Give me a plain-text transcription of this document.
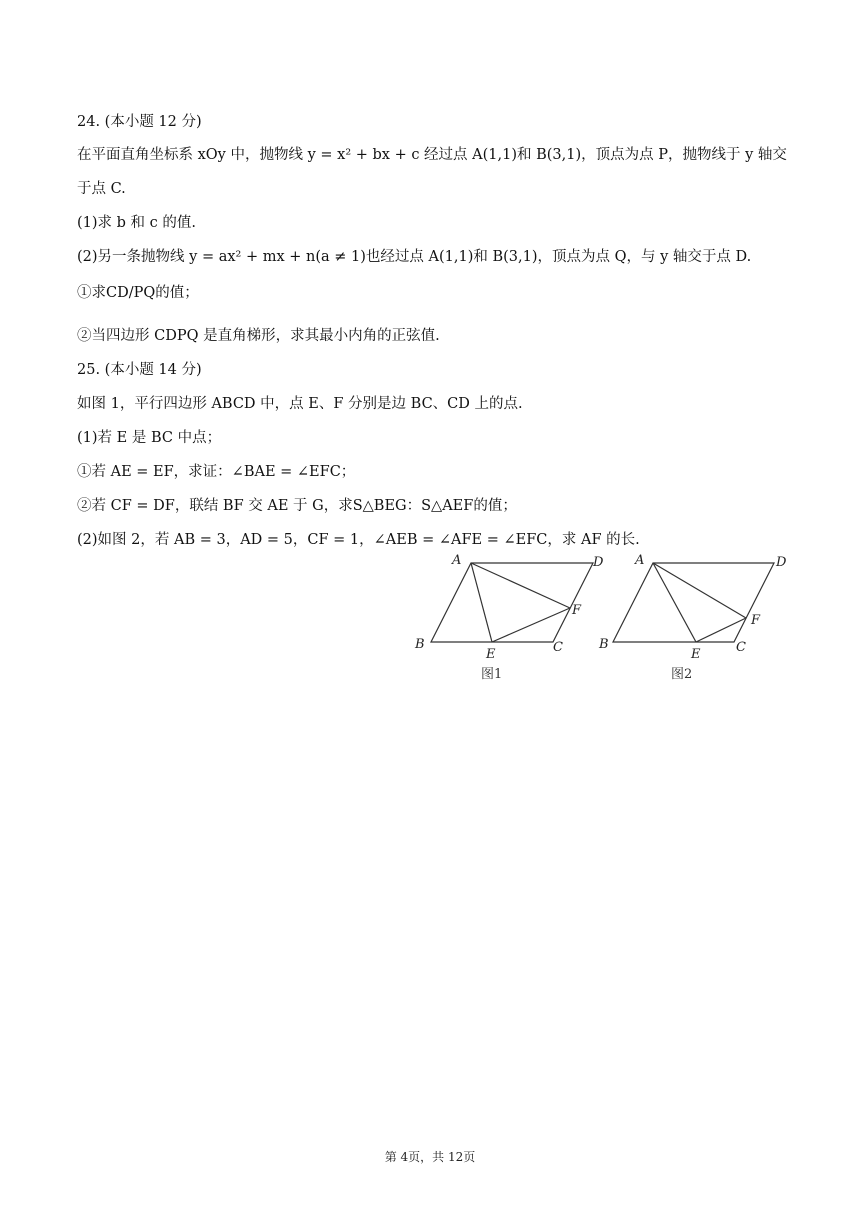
24. (本小题 12 分)
在平面直角坐标系 xOy 中，抛物线 y = x² + bx + c 经过点 A(1,1)和 B(3,1)，顶点为点 P，抛物线于 y 轴交
于点 C.
(1)求 b 和 c 的值.
(2)另一条抛物线 y = ax² + mx + n(a ≠ 1)也经过点 A(1,1)和 B(3,1)，顶点为点 Q，与 y 轴交于点 D.
①求CD/PQ的值；
②当四边形 CDPQ 是直角梯形，求其最小内角的正弦值.
25. (本小题 14 分)
如图 1，平行四边形 ABCD 中，点 E、F 分别是边 BC、CD 上的点.
(1)若 E 是 BC 中点；
①若 AE = EF，求证：∠BAE = ∠EFC；
②若 CF = DF，联结 BF 交 AE 于 G，求S△BEG：S△AEF的值；
(2)如图 2，若 AB = 3，AD = 5，CF = 1，∠AEB = ∠AFE = ∠EFC，求 AF 的长.
A	D
F
B
E	C
图1
A	D
F
B
E	C
图2
第 4页，共 12页
